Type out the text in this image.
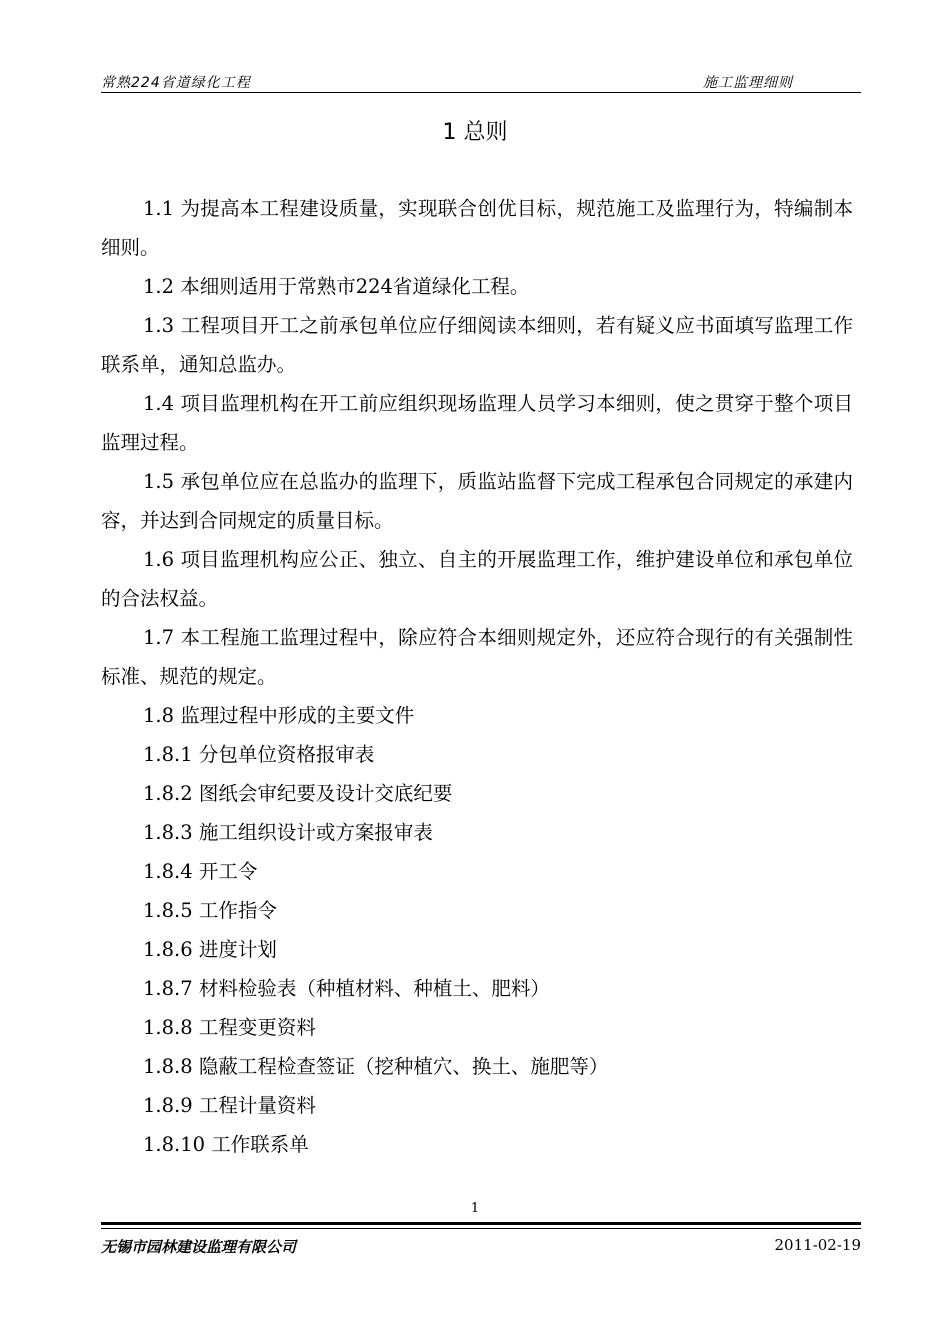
常熟224省道绿化工程	施工监理细则
1 总则

1.1 为提高本工程建设质量，实现联合创优目标，规范施工及监理行为，特编制本细则。

1.2 本细则适用于常熟市224省道绿化工程。

1.3 工程项目开工之前承包单位应仔细阅读本细则，若有疑义应书面填写监理工作联系单，通知总监办。

1.4 项目监理机构在开工前应组织现场监理人员学习本细则，使之贯穿于整个项目监理过程。

1.5 承包单位应在总监办的监理下，质监站监督下完成工程承包合同规定的承建内容，并达到合同规定的质量目标。

1.6 项目监理机构应公正、独立、自主的开展监理工作，维护建设单位和承包单位的合法权益。

1.7 本工程施工监理过程中，除应符合本细则规定外，还应符合现行的有关强制性标准、规范的规定。

1.8 监理过程中形成的主要文件

1.8.1 分包单位资格报审表

1.8.2 图纸会审纪要及设计交底纪要

1.8.3 施工组织设计或方案报审表

1.8.4 开工令

1.8.5 工作指令

1.8.6 进度计划

1.8.7 材料检验表（种植材料、种植土、肥料）

1.8.8 工程变更资料

1.8.8 隐蔽工程检查签证（挖种植穴、换土、施肥等）

1.8.9 工程计量资料

1.8.10 工作联系单

1
无锡市园林建设监理有限公司	2011-02-19
